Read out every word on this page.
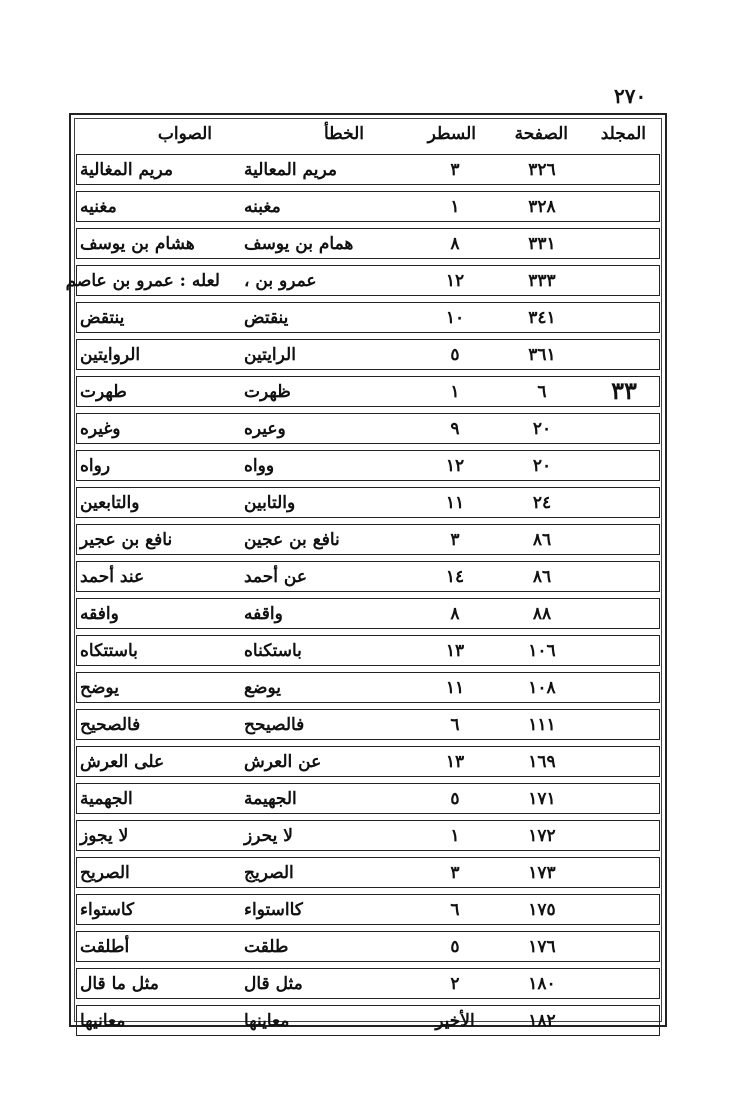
٢٧٠
المجلد
الصفحة
السطر
الخطأ
الصواب
٣٢٦
٣
مريم المعالية
مريم المغالية
٣٢٨
١
مغبنه
مغنيه
٣٣١
٨
همام بن يوسف
هشام بن يوسف
٣٣٣
١٢
عمرو بن ،
لعله : عمرو بن عاصم
٣٤١
١٠
ينقتض
ينتقض
٣٦١
٥
الرايتين
الروايتين
٣٣
٦
١
ظهرت
طهرت
٢٠
٩
وعيره
وغيره
٢٠
١٢
وواه
رواه
٢٤
١١
والتابين
والتابعين
٨٦
٣
نافع بن عجين
نافع بن عجير
٨٦
١٤
عن أحمد
عند أحمد
٨٨
٨
واقفه
وافقه
١٠٦
١٣
باستكناه
باستتكاه
١٠٨
١١
يوضع
يوضح
١١١
٦
فالصيحح
فالصحيح
١٦٩
١٣
عن العرش
على العرش
١٧١
٥
الجهيمة
الجهمية
١٧٢
١
لا يحرز
لا يجوز
١٧٣
٣
الصريج
الصريح
١٧٥
٦
كااستواء
كاستواء
١٧٦
٥
طلقت
أطلقت
١٨٠
٢
مثل قال
مثل ما قال
١٨٢
الأخير
معاينها
معانيها
